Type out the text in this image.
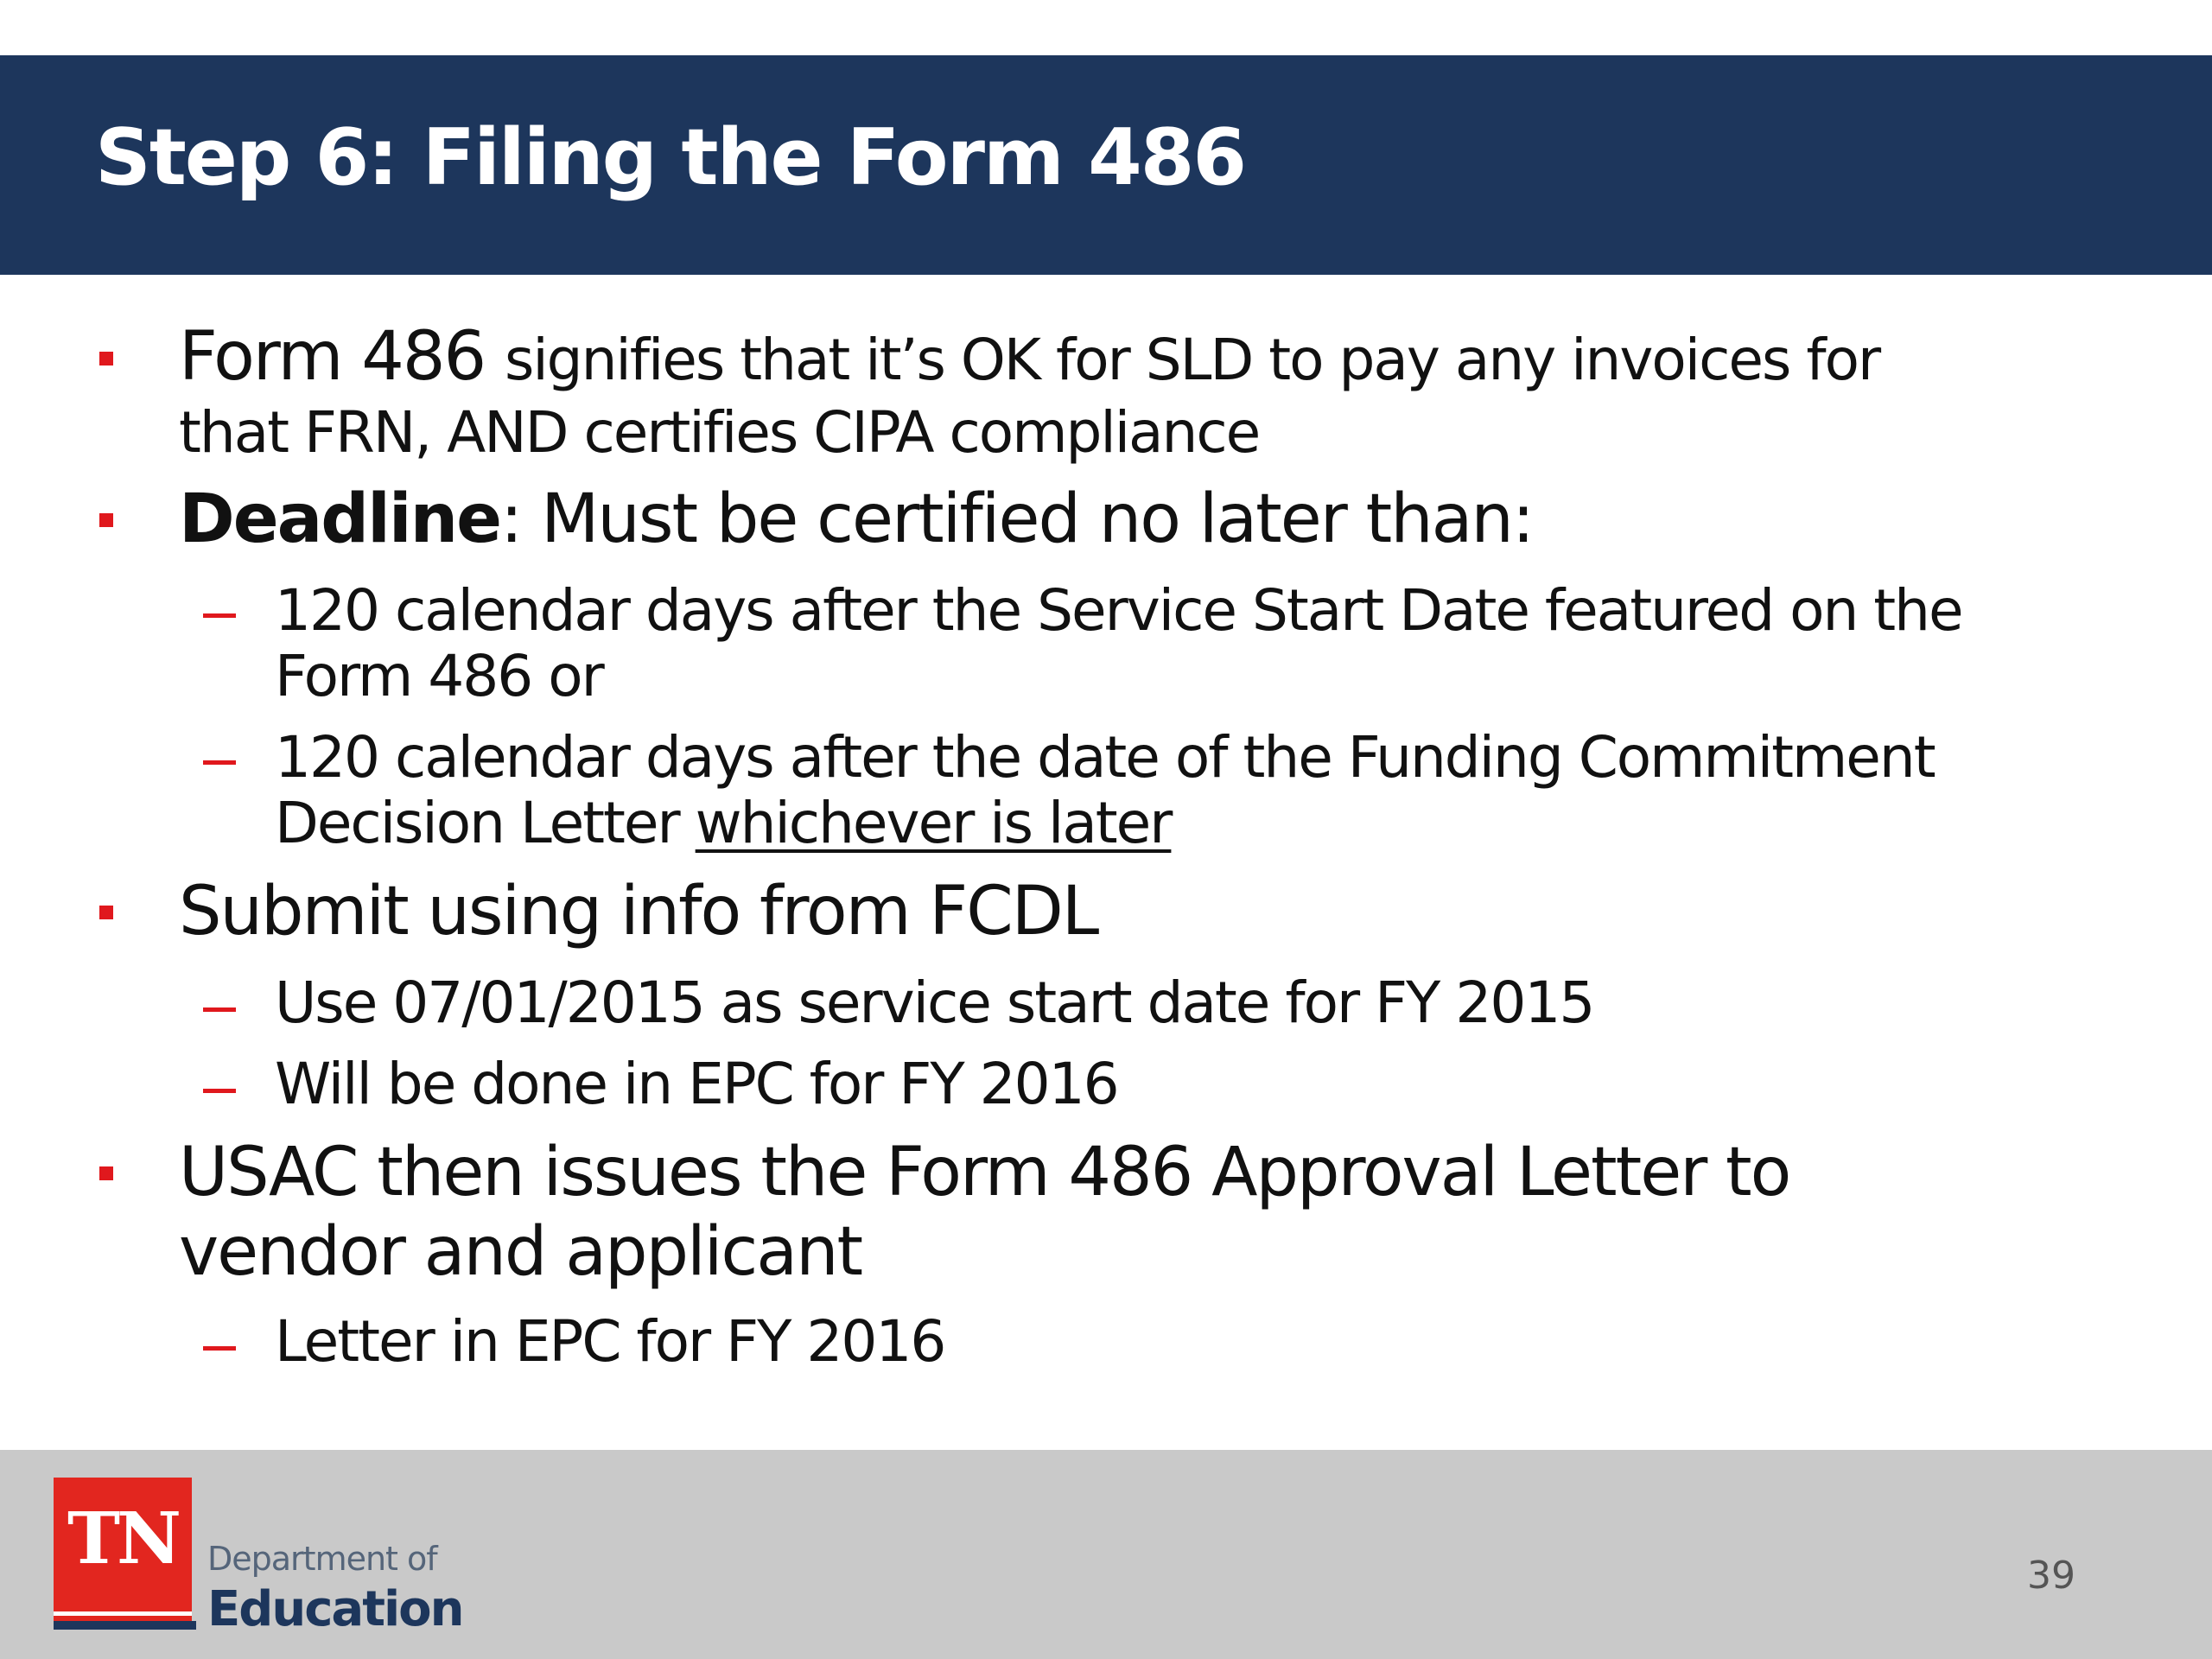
Step 6: Filing the Form 486

Form 486 signifies that it’s OK for SLD to pay any invoices for

that FRN, AND certifies CIPA compliance

Deadline: Must be certified no later than:

120 calendar days after the Service Start Date featured on the

Form 486 or

120 calendar days after the date of the Funding Commitment

Decision Letter whichever is later

Submit using info from FCDL

Use 07/01/2015 as service start date for FY 2015

Will be done in EPC for FY 2016

USAC then issues the Form 486 Approval Letter to

vendor and applicant

Letter in EPC for FY 2016

TN Department of
Education
39
